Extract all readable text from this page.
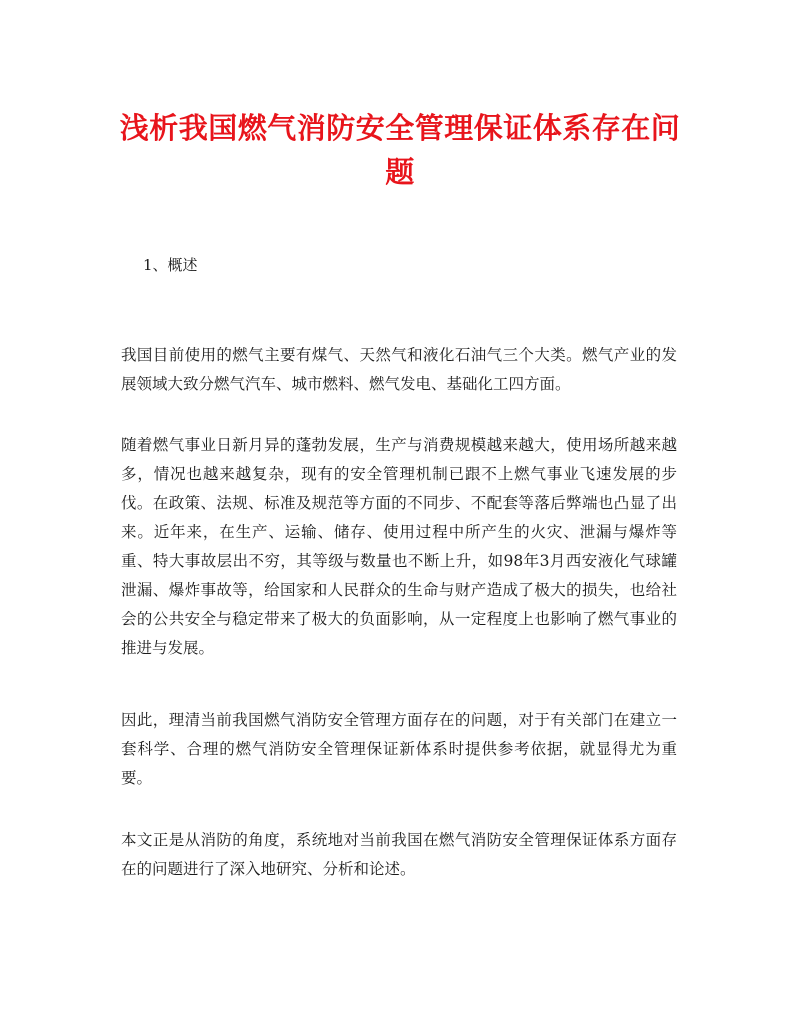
浅析我国燃气消防安全管理保证体系存在问题
1、概述

我国目前使用的燃气主要有煤气、天然气和液化石油气三个大类。燃气产业的发展领域大致分燃气汽车、城市燃料、燃气发电、基础化工四方面。

随着燃气事业日新月异的蓬勃发展，生产与消费规模越来越大，使用场所越来越多，情况也越来越复杂，现有的安全管理机制已跟不上燃气事业飞速发展的步伐。在政策、法规、标准及规范等方面的不同步、不配套等落后弊端也凸显了出来。近年来，在生产、运输、储存、使用过程中所产生的火灾、泄漏与爆炸等重、特大事故层出不穷，其等级与数量也不断上升，如98年3月西安液化气球罐泄漏、爆炸事故等，给国家和人民群众的生命与财产造成了极大的损失，也给社会的公共安全与稳定带来了极大的负面影响，从一定程度上也影响了燃气事业的推进与发展。

因此，理清当前我国燃气消防安全管理方面存在的问题，对于有关部门在建立一套科学、合理的燃气消防安全管理保证新体系时提供参考依据，就显得尤为重要。

本文正是从消防的角度，系统地对当前我国在燃气消防安全管理保证体系方面存在的问题进行了深入地研究、分析和论述。
